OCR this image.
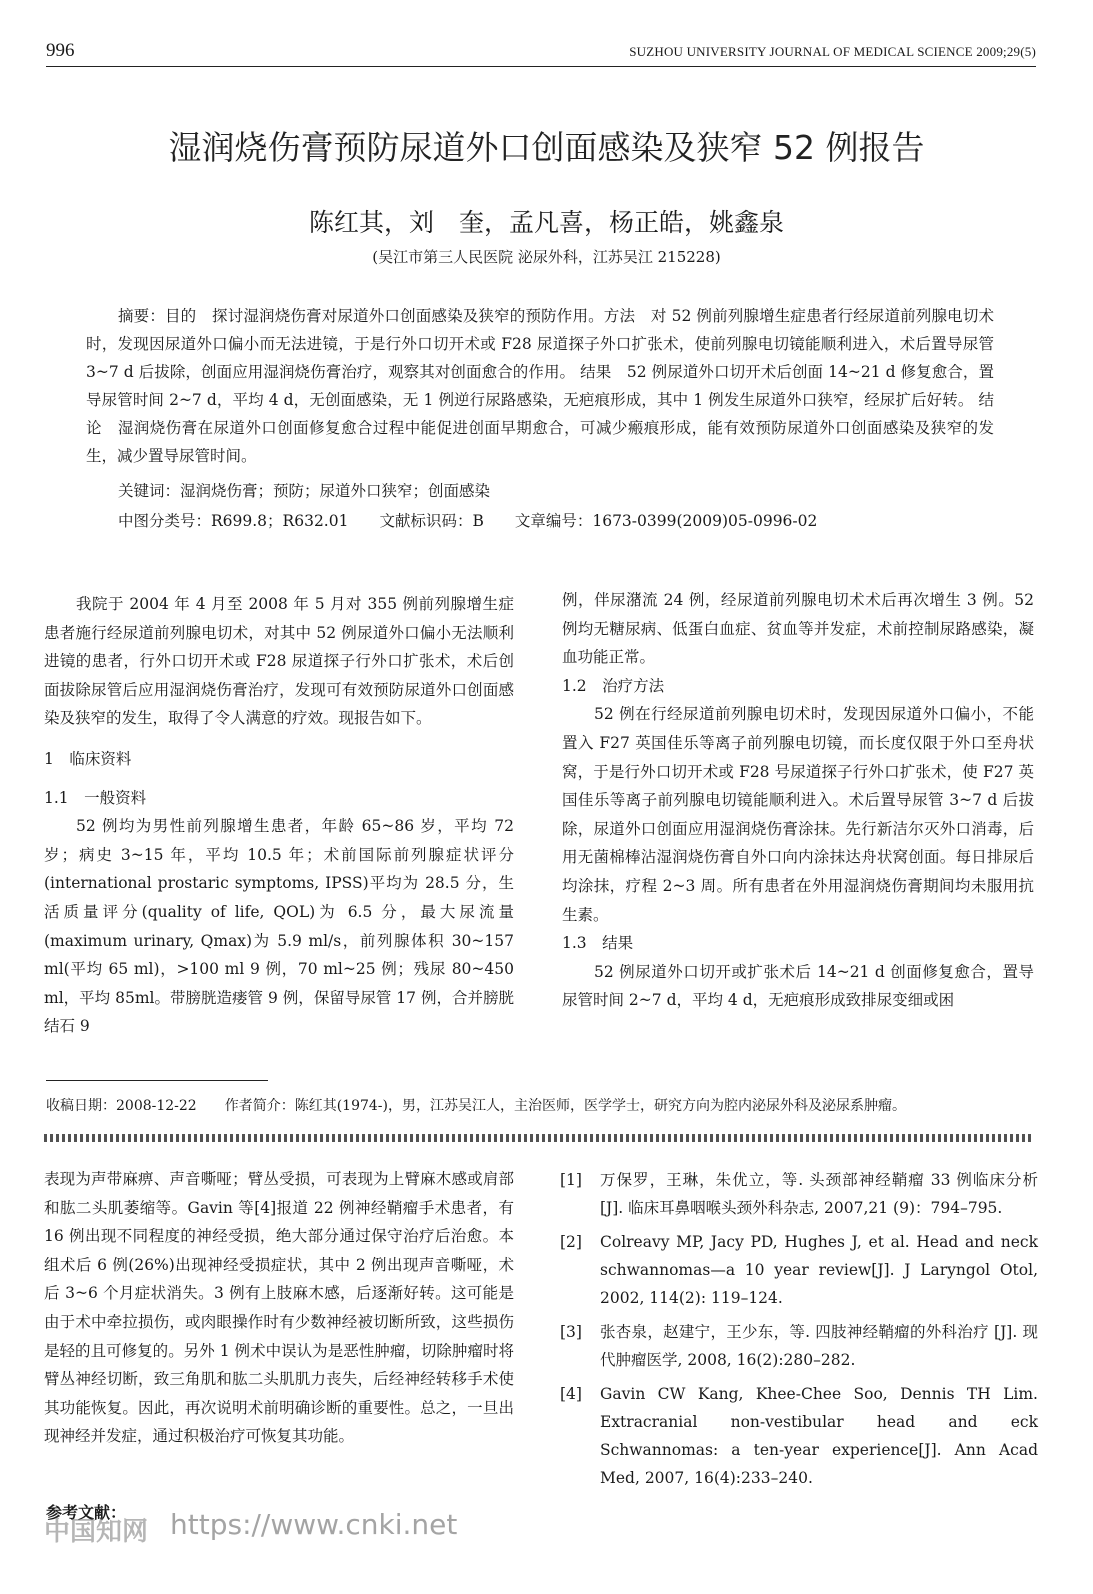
996	SUZHOU UNIVERSITY JOURNAL OF MEDICAL SCIENCE 2009;29(5)
湿润烧伤膏预防尿道外口创面感染及狭窄 52 例报告
陈红其，刘　奎，孟凡喜，杨正皓，姚鑫泉
(吴江市第三人民医院 泌尿外科，江苏吴江 215228)
摘要：目的　探讨湿润烧伤膏对尿道外口创面感染及狭窄的预防作用。方法　对 52 例前列腺增生症患者行经尿道前列腺电切术时，发现因尿道外口偏小而无法进镜，于是行外口切开术或 F28 尿道探子外口扩张术，使前列腺电切镜能顺利进入，术后置导尿管 3~7 d 后拔除，创面应用湿润烧伤膏治疗，观察其对创面愈合的作用。 结果　52 例尿道外口切开术后创面 14~21 d 修复愈合，置导尿管时间 2~7 d，平均 4 d，无创面感染，无 1 例逆行尿路感染，无疤痕形成，其中 1 例发生尿道外口狭窄，经尿扩后好转。 结论　湿润烧伤膏在尿道外口创面修复愈合过程中能促进创面早期愈合，可减少瘢痕形成，能有效预防尿道外口创面感染及狭窄的发生，减少置导尿管时间。
关键词：湿润烧伤膏；预防；尿道外口狭窄；创面感染
中图分类号：R699.8；R632.01　　文献标识码：B　　文章编号：1673-0399(2009)05-0996-02

我院于 2004 年 4 月至 2008 年 5 月对 355 例前列腺增生症患者施行经尿道前列腺电切术，对其中 52 例尿道外口偏小无法顺利进镜的患者，行外口切开术或 F28 尿道探子行外口扩张术，术后创面拔除尿管后应用湿润烧伤膏治疗，发现可有效预防尿道外口创面感染及狭窄的发生，取得了令人满意的疗效。现报告如下。

1　临床资料
1.1　一般资料

52 例均为男性前列腺增生患者，年龄 65~86 岁，平均 72 岁；病史 3~15 年，平均 10.5 年；术前国际前列腺症状评分(international prostaric symptoms, IPSS)平均为 28.5 分，生活质量评分(quality of life, QOL)为 6.5 分，最大尿流量(maximum urinary, Qmax)为 5.9 ml/s，前列腺体积 30~157 ml(平均 65 ml)，>100 ml 9 例，70 ml~25 例；残尿 80~450 ml，平均 85ml。带膀胱造瘘管 9 例，保留导尿管 17 例，合并膀胱结石 9

例，伴尿潴流 24 例，经尿道前列腺电切术术后再次增生 3 例。52 例均无糖尿病、低蛋白血症、贫血等并发症，术前控制尿路感染，凝血功能正常。

1.2　治疗方法

52 例在行经尿道前列腺电切术时，发现因尿道外口偏小，不能置入 F27 英国佳乐等离子前列腺电切镜，而长度仅限于外口至舟状窝，于是行外口切开术或 F28 号尿道探子行外口扩张术，使 F27 英国佳乐等离子前列腺电切镜能顺利进入。术后置导尿管 3~7 d 后拔除，尿道外口创面应用湿润烧伤膏涂抹。先行新洁尔灭外口消毒，后用无菌棉棒沾湿润烧伤膏自外口向内涂抹达舟状窝创面。每日排尿后均涂抹，疗程 2~3 周。所有患者在外用湿润烧伤膏期间均未服用抗生素。

1.3　结果

52 例尿道外口切开或扩张术后 14~21 d 创面修复愈合，置导尿管时间 2~7 d，平均 4 d，无疤痕形成致排尿变细或困

收稿日期：2008-12-22　　作者简介：陈红其(1974-)，男，江苏吴江人，主治医师，医学学士，研究方向为腔内泌尿外科及泌尿系肿瘤。

表现为声带麻痹、声音嘶哑；臂丛受损，可表现为上臂麻木感或肩部和肱二头肌萎缩等。Gavin 等[4]报道 22 例神经鞘瘤手术患者，有 16 例出现不同程度的神经受损，绝大部分通过保守治疗后治愈。本组术后 6 例(26%)出现神经受损症状，其中 2 例出现声音嘶哑，术后 3~6 个月症状消失。3 例有上肢麻木感，后逐渐好转。这可能是由于术中牵拉损伤，或肉眼操作时有少数神经被切断所致，这些损伤是轻的且可修复的。另外 1 例术中误认为是恶性肿瘤，切除肿瘤时将臂丛神经切断，致三角肌和肱二头肌肌力丧失，后经神经转移手术使其功能恢复。因此，再次说明术前明确诊断的重要性。总之，一旦出现神经并发症，通过积极治疗可恢复其功能。

[1]	万保罗，王琳，朱优立，等. 头颈部神经鞘瘤 33 例临床分析 [J]. 临床耳鼻咽喉头颈外科杂志, 2007,21 (9)：794–795.
[2]	Colreavy MP, Jacy PD, Hughes J, et al. Head and neck schwannomas—a 10 year review[J]. J Laryngol Otol, 2002, 114(2): 119–124.
[3]	张杏泉，赵建宁，王少东，等. 四肢神经鞘瘤的外科治疗 [J]. 现代肿瘤医学, 2008, 16(2):280–282.
[4]	Gavin CW Kang, Khee-Chee Soo, Dennis TH Lim. Extracranial non-vestibular head and eck Schwannomas: a ten-year experience[J]. Ann Acad Med, 2007, 16(4):233–240.
参考文献：
中国知网 https://www.cnki.net
